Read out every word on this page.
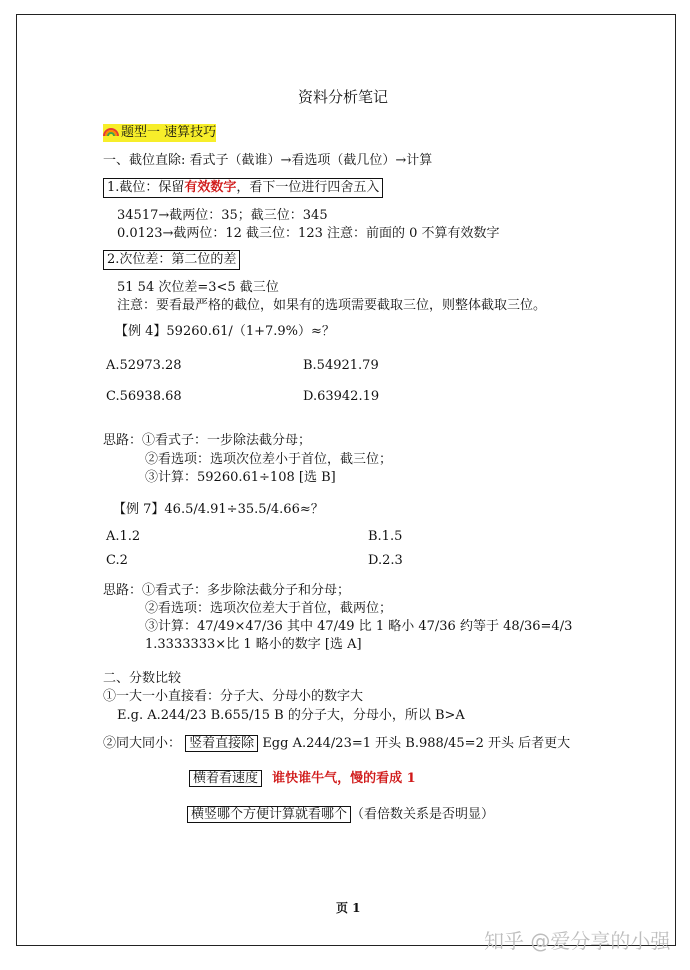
资料分析笔记
题型一 速算技巧
一、截位直除: 看式子（截谁）→看选项（截几位）→计算
1.截位：保留有效数字，看下一位进行四舍五入
34517→截两位：35；截三位：345
0.0123→截两位：12 截三位：123 注意：前面的 0 不算有效数字
2.次位差：第二位的差
51 54 次位差=3<5 截三位
注意：要看最严格的截位，如果有的选项需要截取三位，则整体截取三位。
【例 4】59260.61/（1+7.9%）≈？
A.52973.28	B.54921.79
C.56938.68	D.63942.19
思路：①看式子：一步除法截分母；
②看选项：选项次位差小于首位，截三位；
③计算：59260.61÷108 [选 B]
【例 7】46.5/4.91÷35.5/4.66≈？
A.1.2	B.1.5
C.2	D.2.3
思路：①看式子：多步除法截分子和分母；
②看选项：选项次位差大于首位，截两位；
③计算：47/49×47/36 其中 47/49 比 1 略小 47/36 约等于 48/36=4/3
1.3333333×比 1 略小的数字 [选 A]
二、分数比较
①一大一小直接看：分子大、分母小的数字大
E.g. A.244/23 B.655/15 B 的分子大，分母小，所以 B>A
②同大同小： 竖着直接除 Egg A.244/23=1 开头 B.988/45=2 开头 后者更大
横着看速度 谁快谁牛气，慢的看成 1
横竖哪个方便计算就看哪个 （看倍数关系是否明显）
页 1
知乎 @爱分享的小强
